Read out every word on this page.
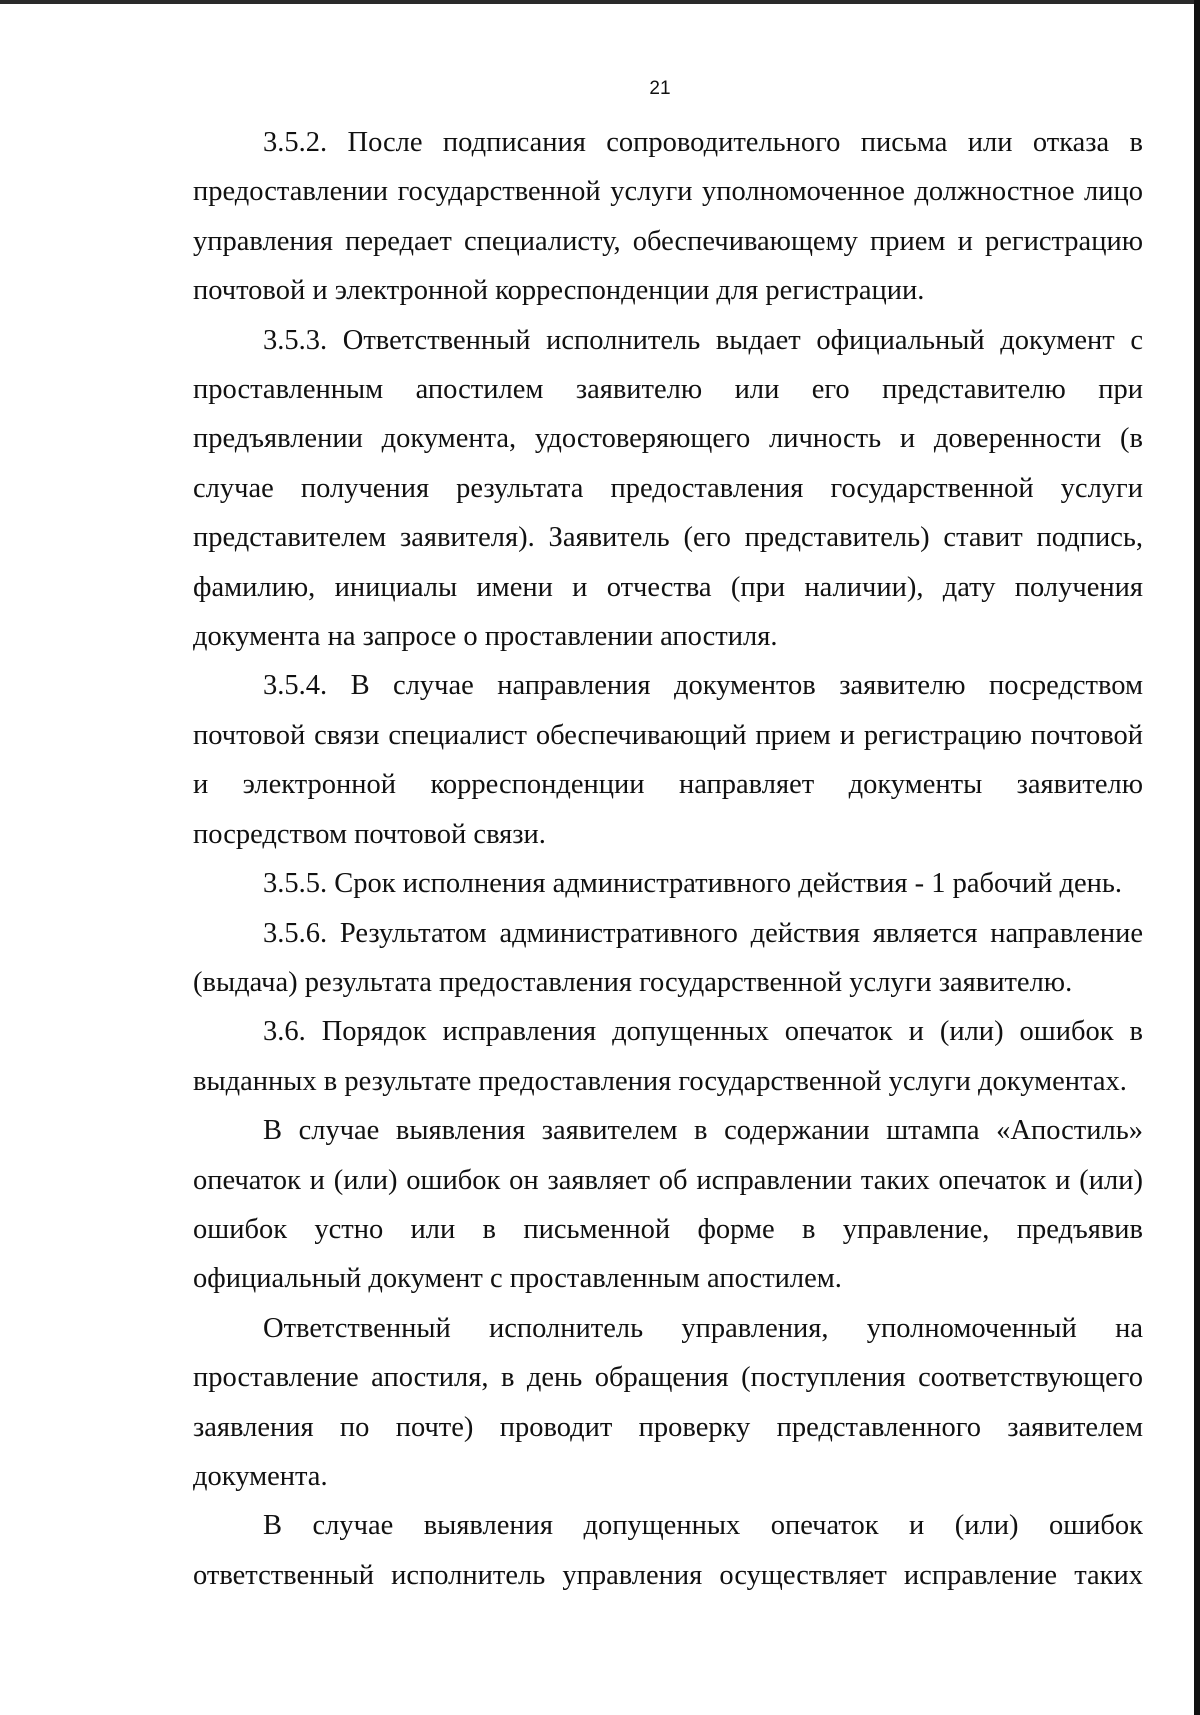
21

3.5.2. После подписания сопроводительного письма или отказа в предоставлении государственной услуги уполномоченное должностное лицо управления передает специалисту, обеспечивающему прием и регистрацию почтовой и электронной корреспонденции для регистрации.

3.5.3. Ответственный исполнитель выдает официальный документ с проставленным апостилем заявителю или его представителю при предъявлении документа, удостоверяющего личность и доверенности (в случае получения результата предоставления государственной услуги представителем заявителя). Заявитель (его представитель) ставит подпись, фамилию, инициалы имени и отчества (при наличии), дату получения документа на запросе о проставлении апостиля.

3.5.4. В случае направления документов заявителю посредством почтовой связи специалист обеспечивающий прием и регистрацию почтовой и электронной корреспонденции направляет документы заявителю посредством почтовой связи.

3.5.5. Срок исполнения административного действия - 1 рабочий день.

3.5.6. Результатом административного действия является направление (выдача) результата предоставления государственной услуги заявителю.

3.6. Порядок исправления допущенных опечаток и (или) ошибок в выданных в результате предоставления государственной услуги документах.

В случае выявления заявителем в содержании штампа «Апостиль» опечаток и (или) ошибок он заявляет об исправлении таких опечаток и (или) ошибок устно или в письменной форме в управление, предъявив официальный документ с проставленным апостилем.

Ответственный исполнитель управления, уполномоченный на проставление апостиля, в день обращения (поступления соответствующего заявления по почте) проводит проверку представленного заявителем документа.

В случае выявления допущенных опечаток и (или) ошибок ответственный исполнитель управления осуществляет исправление таких
